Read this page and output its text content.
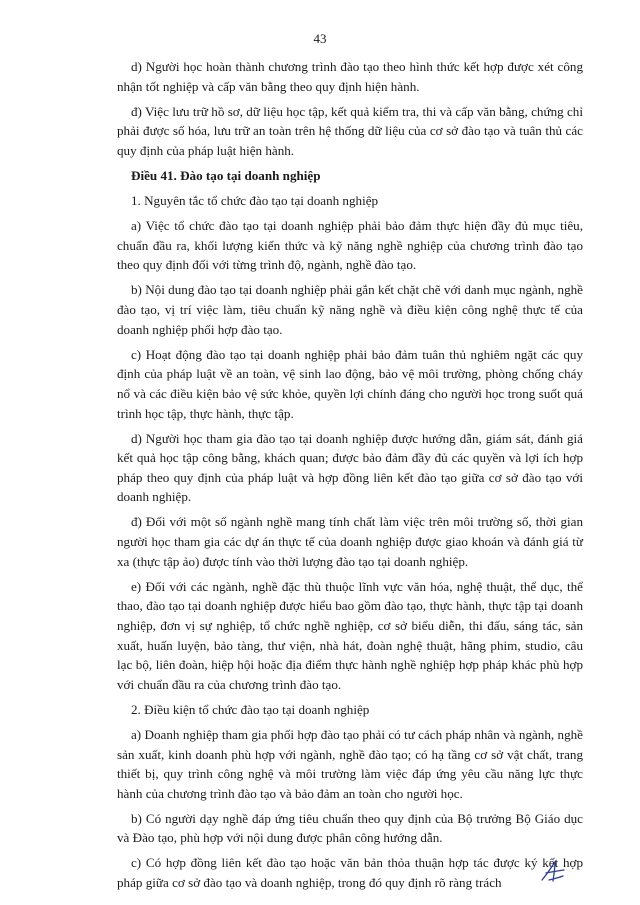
43

d) Người học hoàn thành chương trình đào tạo theo hình thức kết hợp được xét công nhận tốt nghiệp và cấp văn bằng theo quy định hiện hành.

đ) Việc lưu trữ hồ sơ, dữ liệu học tập, kết quả kiểm tra, thi và cấp văn bằng, chứng chỉ phải được số hóa, lưu trữ an toàn trên hệ thống dữ liệu của cơ sở đào tạo và tuân thủ các quy định của pháp luật hiện hành.

Điều 41. Đào tạo tại doanh nghiệp

1. Nguyên tắc tổ chức đào tạo tại doanh nghiệp

a) Việc tổ chức đào tạo tại doanh nghiệp phải bảo đảm thực hiện đầy đủ mục tiêu, chuẩn đầu ra, khối lượng kiến thức và kỹ năng nghề nghiệp của chương trình đào tạo theo quy định đối với từng trình độ, ngành, nghề đào tạo.

b) Nội dung đào tạo tại doanh nghiệp phải gắn kết chặt chẽ với danh mục ngành, nghề đào tạo, vị trí việc làm, tiêu chuẩn kỹ năng nghề và điều kiện công nghệ thực tế của doanh nghiệp phối hợp đào tạo.

c) Hoạt động đào tạo tại doanh nghiệp phải bảo đảm tuân thủ nghiêm ngặt các quy định của pháp luật về an toàn, vệ sinh lao động, bảo vệ môi trường, phòng chống cháy nổ và các điều kiện bảo vệ sức khỏe, quyền lợi chính đáng cho người học trong suốt quá trình học tập, thực hành, thực tập.

d) Người học tham gia đào tạo tại doanh nghiệp được hướng dẫn, giám sát, đánh giá kết quả học tập công bằng, khách quan; được bảo đảm đầy đủ các quyền và lợi ích hợp pháp theo quy định của pháp luật và hợp đồng liên kết đào tạo giữa cơ sở đào tạo với doanh nghiệp.

đ) Đối với một số ngành nghề mang tính chất làm việc trên môi trường số, thời gian người học tham gia các dự án thực tế của doanh nghiệp được giao khoán và đánh giá từ xa (thực tập ảo) được tính vào thời lượng đào tạo tại doanh nghiệp.

e) Đối với các ngành, nghề đặc thù thuộc lĩnh vực văn hóa, nghệ thuật, thể dục, thể thao, đào tạo tại doanh nghiệp được hiểu bao gồm đào tạo, thực hành, thực tập tại doanh nghiệp, đơn vị sự nghiệp, tổ chức nghề nghiệp, cơ sở biểu diễn, thi đấu, sáng tác, sản xuất, huấn luyện, bảo tàng, thư viện, nhà hát, đoàn nghệ thuật, hãng phim, studio, câu lạc bộ, liên đoàn, hiệp hội hoặc địa điểm thực hành nghề nghiệp hợp pháp khác phù hợp với chuẩn đầu ra của chương trình đào tạo.

2. Điều kiện tổ chức đào tạo tại doanh nghiệp

a) Doanh nghiệp tham gia phối hợp đào tạo phải có tư cách pháp nhân và ngành, nghề sản xuất, kinh doanh phù hợp với ngành, nghề đào tạo; có hạ tầng cơ sở vật chất, trang thiết bị, quy trình công nghệ và môi trường làm việc đáp ứng yêu cầu năng lực thực hành của chương trình đào tạo và bảo đảm an toàn cho người học.

b) Có người dạy nghề đáp ứng tiêu chuẩn theo quy định của Bộ trưởng Bộ Giáo dục và Đào tạo, phù hợp với nội dung được phân công hướng dẫn.

c) Có hợp đồng liên kết đào tạo hoặc văn bản thỏa thuận hợp tác được ký kết hợp pháp giữa cơ sở đào tạo và doanh nghiệp, trong đó quy định rõ ràng trách
